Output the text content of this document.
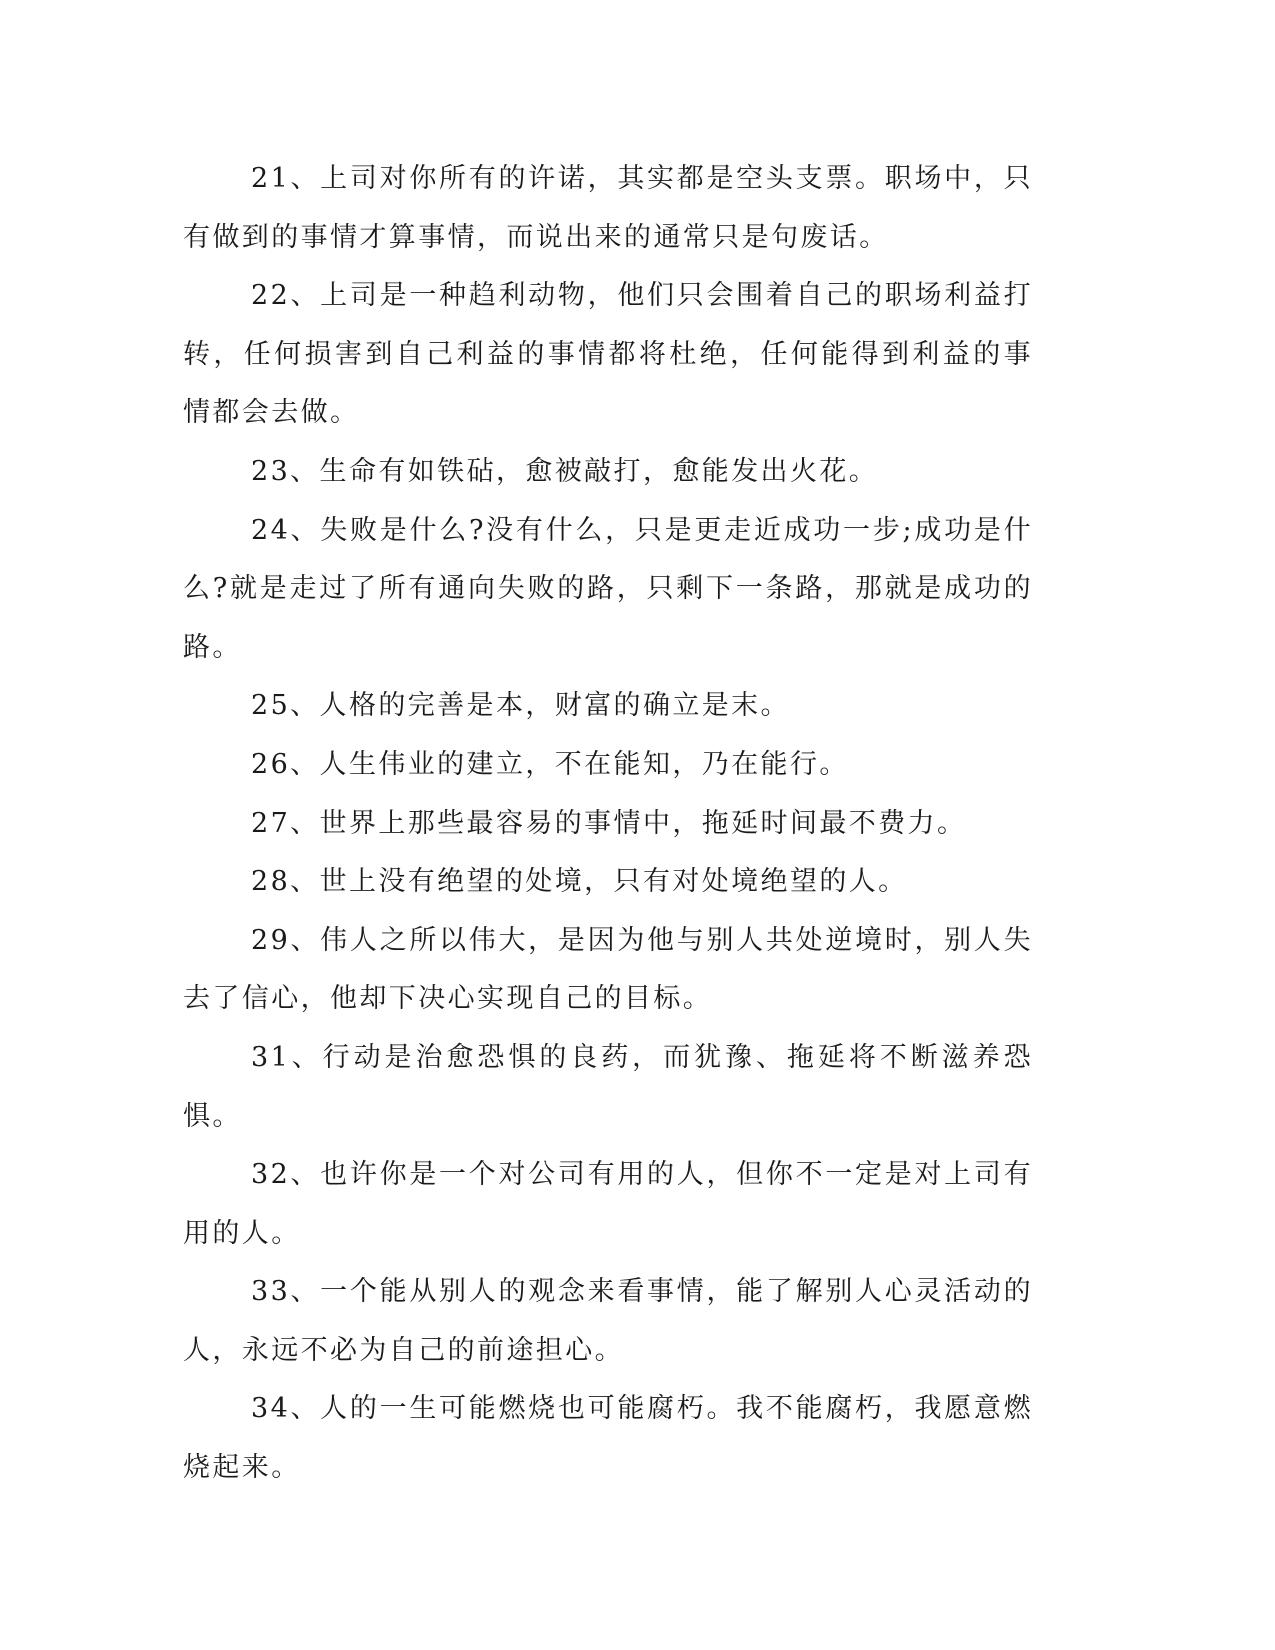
21、上司对你所有的许诺，其实都是空头支票。职场中，只有做到的事情才算事情，而说出来的通常只是句废话。

22、上司是一种趋利动物，他们只会围着自己的职场利益打转，任何损害到自己利益的事情都将杜绝，任何能得到利益的事情都会去做。

23、生命有如铁砧，愈被敲打，愈能发出火花。

24、失败是什么?没有什么，只是更走近成功一步;成功是什么?就是走过了所有通向失败的路，只剩下一条路，那就是成功的路。

25、人格的完善是本，财富的确立是末。

26、人生伟业的建立，不在能知，乃在能行。

27、世界上那些最容易的事情中，拖延时间最不费力。

28、世上没有绝望的处境，只有对处境绝望的人。

29、伟人之所以伟大，是因为他与别人共处逆境时，别人失去了信心，他却下决心实现自己的目标。

31、行动是治愈恐惧的良药，而犹豫、拖延将不断滋养恐惧。

32、也许你是一个对公司有用的人，但你不一定是对上司有用的人。

33、一个能从别人的观念来看事情，能了解别人心灵活动的人，永远不必为自己的前途担心。

34、人的一生可能燃烧也可能腐朽。我不能腐朽，我愿意燃烧起来。
